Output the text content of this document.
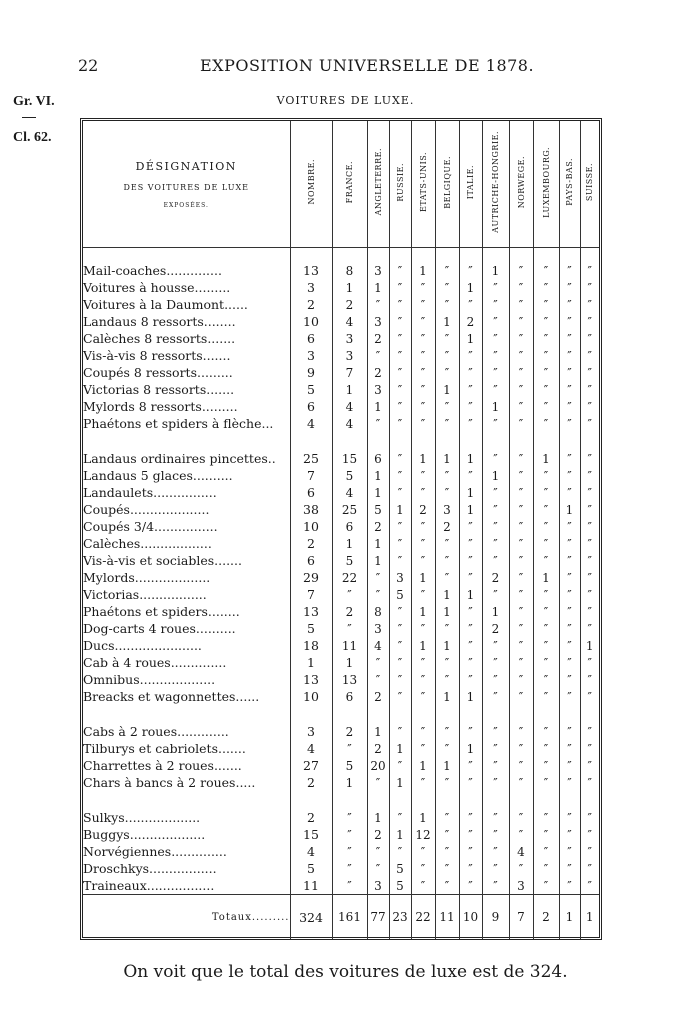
22	EXPOSITION UNIVERSELLE DE 1878.
Gr. VI.
Cl. 62.
VOITURES DE LUXE.
DÉSIGNATION
DES VOITURES DE LUXE
EXPOSÉES.	NOMBRE.	FRANCE.	ANGLETERRE.	RUSSIE.	ÉTATS-UNIS.	BELGIQUE.	ITALIE.	AUTRICHE-HONGRIE.	NORWÈGE.	LUXEMBOURG.	PAYS-BAS.	SUISSE.

Mail-coaches..............	13	8	3	″	1	″	″	1	″	″	″	″
Voitures à housse.........	3	1	1	″	″	″	1	″	″	″	″	″
Voitures à la Daumont......	2	2	″	″	″	″	″	″	″	″	″	″
Landaus 8 ressorts........	10	4	3	″	″	1	2	″	″	″	″	″
Calèches 8 ressorts.......	6	3	2	″	″	″	1	″	″	″	″	″
Vis-à-vis 8 ressorts.......	3	3	″	″	″	″	″	″	″	″	″	″
Coupés 8 ressorts.........	9	7	2	″	″	″	″	″	″	″	″	″
Victorias 8 ressorts.......	5	1	3	″	″	1	″	″	″	″	″	″
Mylords 8 ressorts.........	6	4	1	″	″	″	″	1	″	″	″	″
Phaétons et spiders à flèche...	4	4	″	″	″	″	″	″	″	″	″	″

Landaus ordinaires pincettes..	25	15	6	″	1	1	1	″	″	1	″	″
Landaus 5 glaces..........	7	5	1	″	″	″	″	1	″	″	″	″
Landaulets................	6	4	1	″	″	″	1	″	″	″	″	″
Coupés....................	38	25	5	1	2	3	1	″	″	″	1	″
Coupés 3/4................	10	6	2	″	″	2	″	″	″	″	″	″
Calèches..................	2	1	1	″	″	″	″	″	″	″	″	″
Vis-à-vis et sociables.......	6	5	1	″	″	″	″	″	″	″	″	″
Mylords...................	29	22	″	3	1	″	″	2	″	1	″	″
Victorias.................	7	″	″	5	″	1	1	″	″	″	″	″
Phaétons et spiders........	13	2	8	″	1	1	″	1	″	″	″	″
Dog-carts 4 roues..........	5	″	3	″	″	″	″	2	″	″	″	″
Ducs......................	18	11	4	″	1	1	″	″	″	″	″	1
Cab à 4 roues..............	1	1	″	″	″	″	″	″	″	″	″	″
Omnibus...................	13	13	″	″	″	″	″	″	″	″	″	″
Breacks et wagonnettes......	10	6	2	″	″	1	1	″	″	″	″	″

Cabs à 2 roues.............	3	2	1	″	″	″	″	″	″	″	″	″
Tilburys et cabriolets.......	4	″	2	1	″	″	1	″	″	″	″	″
Charrettes à 2 roues.......	27	5	20	″	1	1	″	″	″	″	″	″
Chars à bancs à 2 roues.....	2	1	″	1	″	″	″	″	″	″	″	″

Sulkys...................	2	″	1	″	1	″	″	″	″	″	″	″
Buggys...................	15	″	2	1	12	″	″	″	″	″	″	″
Norvégiennes..............	4	″	″	″	″	″	″	″	4	″	″	″
Droschkys.................	5	″	″	5	″	″	″	″	″	″	″	″
Traineaux.................	11	″	3	5	″	″	″	″	3	″	″	″

Totaux.........	324	161	77	23	22	11	10	9	7	2	1	1
On voit que le total des voitures de luxe est de 324.
